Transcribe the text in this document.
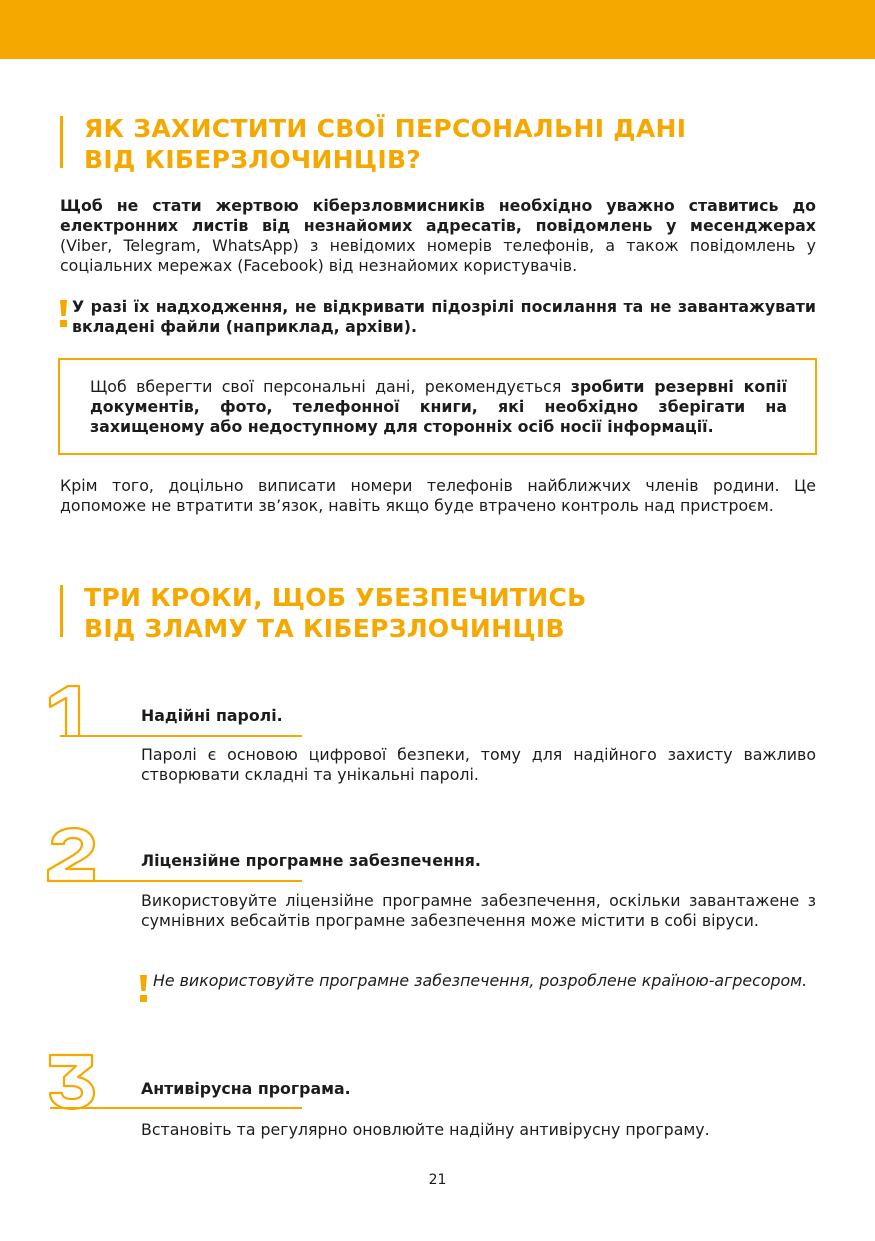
ЯК ЗАХИСТИТИ СВОЇ ПЕРСОНАЛЬНІ ДАНІ
ВІД КІБЕРЗЛОЧИНЦІВ?
Щоб не стати жертвою кіберзловмисників необхідно уважно ставитись до електронних листів від незнайомих адресатів, повідомлень у месенджерах (Viber, Telegram, WhatsApp) з невідомих номерів телефонів, а також повідомлень у соціальних мережах (Facebook) від незнайомих користувачів.
У разі їх надходження, не відкривати підозрілі посилання та не завантажувати вкладені файли (наприклад, архіви).
Щоб вберегти свої персональні дані, рекомендується зробити резервні копії документів, фото, телефонної книги, які необхідно зберігати на захищеному або недоступному для сторонніх осіб носії інформації.
Крім того, доцільно виписати номери телефонів найближчих членів родини. Це допоможе не втратити зв’язок, навіть якщо буде втрачено контроль над пристроєм.
ТРИ КРОКИ, ЩОБ УБЕЗПЕЧИТИСЬ
ВІД ЗЛАМУ ТА КІБЕРЗЛОЧИНЦІВ
Надійні паролі.
Паролі є основою цифрової безпеки, тому для надійного захисту важливо створювати складні та унікальні паролі.
Ліцензійне програмне забезпечення.
Використовуйте ліцензійне програмне забезпечення, оскільки завантажене з сумнівних вебсайтів програмне забезпечення може містити в собі віруси.
Не використовуйте програмне забезпечення, розроблене країною-агресором.
Антивірусна програма.
Встановіть та регулярно оновлюйте надійну антивірусну програму.
21
